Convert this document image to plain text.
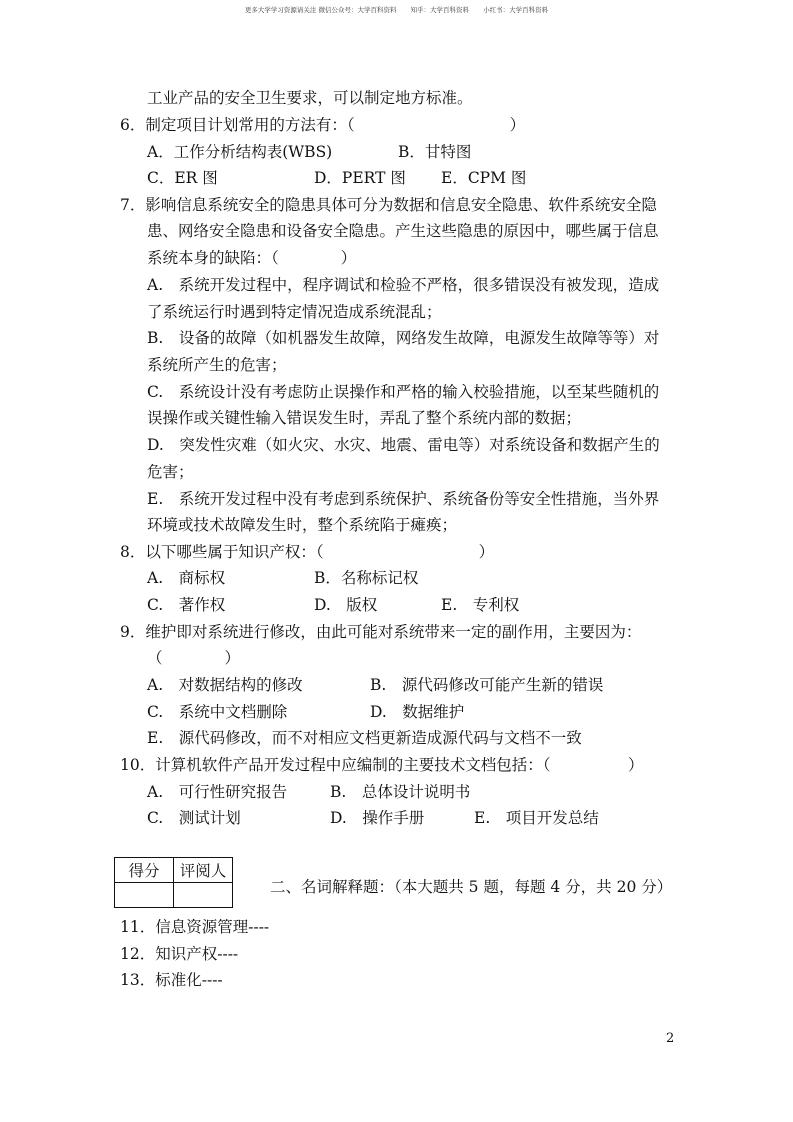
更多大学学习资源请关注 微信公众号：大学百科资料 知乎：大学百科资料 小红书：大学百科资料
工业产品的安全卫生要求，可以制定地方标准。
6．制定项目计划常用的方法有：（　　　　　　　　　　）
A．工作分析结构表(WBS)	B．甘特图
C．ER 图	D．PERT 图 E．CPM 图
7．影响信息系统安全的隐患具体可分为数据和信息安全隐患、软件系统安全隐
患、网络安全隐患和设备安全隐患。产生这些隐患的原因中，哪些属于信息
系统本身的缺陷：（　　　　）
A.　系统开发过程中，程序调试和检验不严格，很多错误没有被发现，造成
了系统运行时遇到特定情况造成系统混乱；
B.　设备的故障（如机器发生故障，网络发生故障，电源发生故障等等）对
系统所产生的危害；
C.　系统设计没有考虑防止误操作和严格的输入校验措施，以至某些随机的
误操作或关键性输入错误发生时，弄乱了整个系统内部的数据；
D.　突发性灾难（如火灾、水灾、地震、雷电等）对系统设备和数据产生的
危害；
E.　系统开发过程中没有考虑到系统保护、系统备份等安全性措施，当外界
环境或技术故障发生时，整个系统陷于瘫痪；
8．以下哪些属于知识产权：（　　　　　　　　　　）
A.　商标权	B．名称标记权
C.　著作权	D.　版权	E.　专利权
9．维护即对系统进行修改，由此可能对系统带来一定的副作用，主要因为：
（　　　　）
A.　对数据结构的修改	B.　源代码修改可能产生新的错误
C.　系统中文档删除	D.　数据维护
E.　源代码修改，而不对相应文档更新造成源代码与文档不一致
10．计算机软件产品开发过程中应编制的主要技术文档包括：（　　　　　）
A.　可行性研究报告	B.　总体设计说明书
C.　测试计划	D.　操作手册	E.　项目开发总结
得分	评阅人

二、名词解释题：（本大题共 5 题，每题 4 分，共 20 分）
11．信息资源管理----
12．知识产权----
13．标准化----
2
